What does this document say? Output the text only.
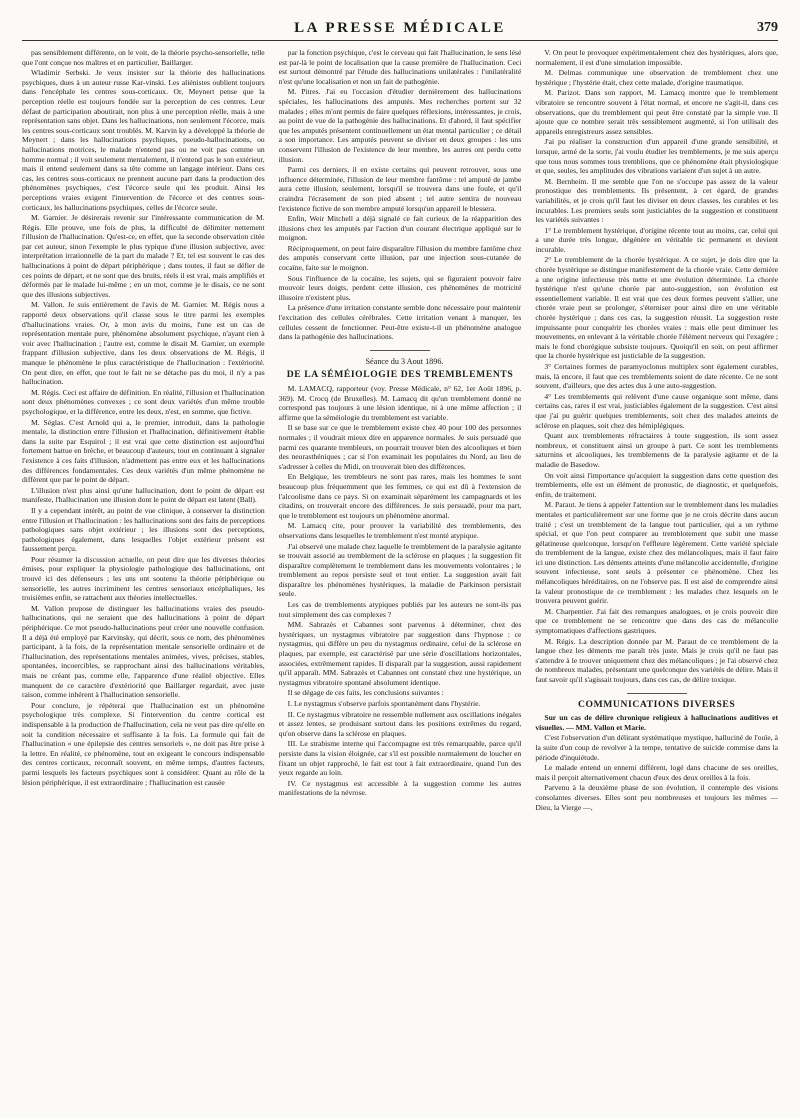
LA PRESSE MÉDICALE	379

pas sensiblement différente, on le voit, de la théorie psycho-sensorielle, telle que l'ont conçue nos maîtres et en particulier, Baillarger.

Wladimir Serbski. Je veux insister sur la théorie des hallucinations psychiques, dues à un auteur russe Kar-vinski. Les aliénistes oublient toujours dans l'encéphale les centres sous-corticaux. Or, Meynert pense que la perception réelle est toujours fondée sur la perception de ces centres. Leur défaut de participation aboutirait, non plus à une perception réelle, mais à une représentation sans objet. Dans les hallucinations, non seulement l'écorce, mais les centres sous-corticaux sont troublés. M. Karvin ky a développé la théorie de Meynert ; dans les hallucinations psychiques, pseudo-hallucinations, ou hallucinations motrices, le malade n'entend pas ou ne voit pas comme un homme normal ; il voit seulement mentalement, il n'entend pas le son extérieur, mais il entend seulement dans sa tête comme un langage intérieur. Dans ces cas, les centres sous-corticaux ne prennent aucune part dans la production des phénomènes psychiques, c'est l'écorce seule qui les produit. Ainsi les perceptions vraies exigent l'intervention de l'écorce et des centres sous-corticaux, les hallucinations psychiques, celles de l'écorce seule.

M. Garnier. Je désirerais revenir sur l'intéressante communication de M. Régis. Elle prouve, une fois de plus, la difficulté de délimiter nettement l'illusion de l'hallucination. Qu'est-ce, en effet, que la seconde observation citée par cet auteur, sinon l'exemple le plus typique d'une illusion subjective, avec interprétation irrationnelle de la part du malade ? Et, tel est souvent le cas des hallucinations à point de départ périphérique ; dans toutes, il faut se défier de ces points de départ, et ne sont que des bruits, réels il est vrai, mais amplifiés et déformés par le malade lui-même ; en un mot, comme je le disais, ce ne sont que des illusions subjectives.

M. Vallon. Je suis entièrement de l'avis de M. Garnier. M. Régis nous a rapporté deux observations qu'il classe sous le titre parmi les exemples d'hallucinations vraies. Or, à mon avis du moins, l'une est un cas de représentation mentale pure, phénomène absolument psychique, n'ayant rien à voir avec l'hallucination ; l'autre est, comme le disait M. Garnier, un exemple frappant d'illusion subjective, dans les deux observations de M. Régis, il manque le phénomène le plus caractéristique de l'hallucination : l'extériorité. On peut dire, en effet, que tout le fait ne se détache pas du moi, il n'y a pas hallucination.

M. Régis. Ceci est affaire de définition. En réalité, l'illusion et l'hallucination sont deux phénomènes convexes ; ce sont deux variétés d'un même trouble psychologique, et la différence, entre les deux, n'est, en somme, que fictive.

M. Séglas. C'est Arnold qui a, le premier, introduit, dans la pathologie mentale, la distinction entre l'illusion et l'hallucination, définitivement établie dans la suite par Esquirol ; il est vrai que cette distinction est aujourd'hui fortement battue en brèche, et beaucoup d'auteurs, tout en continuant à signaler l'existence à ces faits d'illusion, n'admettent pas entre eux et les hallucinations des différences fondamentales. Ces deux variétés d'un même phénomène ne diffèrent que par le point de départ.

L'illusion n'est plus ainsi qu'une hallucination, dont le point de départ est manifeste, l'hallucination une illusion dont le point de départ est latent (Ball).

Il y a cependant intérêt, au point de vue clinique, à conserver la distinction entre l'illusion et l'hallucination : les hallucinations sont des faits de perceptions pathologiques sans objet extérieur ; les illusions sont des perceptions, pathologiques également, dans lesquelles l'objet extérieur présent est faussement perçu.

Pour résumer la discussion actuelle, on peut dire que les diverses théories émises, pour expliquer la physiologie pathologique des hallucinations, ont trouvé ici des défenseurs ; les uns ont soutenu la théorie périphérique ou sensorielle, les autres incriminent les centres sensoriaux encéphaliques, les troisièmes enfin, se rattachent aux théories intellectuelles.

M. Vallon propose de distinguer les hallucinations vraies des pseudo-hallucinations, qui ne seraient que des hallucinations à point de départ périphérique. Ce mot pseudo-hallucinations peut créer une nouvelle confusion. Il a déjà été employé par Karvinsky, qui décrit, sous ce nom, des phénomènes participant, à la fois, de la représentation mentale sensorielle ordinaire et de l'hallucination, des représentations mentales animées, vives, précises, stables, spontanées, incoercibles, se rapprochant ainsi des hallucinations véritables, mais ne créant pas, comme elle, l'apparence d'une réalité objective. Elles manquent de ce caractère d'extériorité que Baillarger regardait, avec juste raison, comme inhérent à l'hallucination sensorielle.

Pour conclure, je répéterai que l'hallucination est un phénomène psychologique très complexe. Si l'intervention du centre cortical est indispensable à la production de l'hallucination, cela ne veut pas dire qu'elle en soit la condition nécessaire et suffisante à la fois. La formule qui fait de l'hallucination « une épilepsie des centres sensoriels », ne doit pas être prise à la lettre. En réalité, ce phénomène, tout en exigeant le concours indispensable des centres corticaux, reconnaît souvent, en même temps, d'autres facteurs, parmi lesquels les facteurs psychiques sont à considérer. Quant au rôle de la lésion périphérique, il est extraordinaire ; l'hallucination est causée

par la fonction psychique, c'est le cerveau qui fait l'hallucination, le sens lésé est par-là le point de localisation que la cause première de l'hallucination. Ceci est surtout démontré par l'étude des hallucinations unilatérales : l'unilatéralité n'est qu'une localisation et non un fait de pathogénie.

M. Pitres. J'ai eu l'occasion d'étudier dernièrement des hallucinations spéciales, les hallucinations des amputés. Mes recherches portent sur 32 malades ; elles m'ont permis de faire quelques réflexions, intéressantes, je crois, au point de vue de la pathogénie des hallucinations. Et d'abord, il faut spécifier que les amputés présentent continuellement un état mental particulier ; ce détail a son importance. Les amputés peuvent se diviser en deux groupes : les uns conservent l'illusion de l'existence de leur membre, les autres ont perdu cette illusion.

Parmi ces derniers, il en existe certains qui peuvent retrouver, sous une influence déterminée, l'illusion de leur membre fantôme : tel amputé de jambe aura cette illusion, seulement, lorsqu'il se trouvera dans une foule, et qu'il craindra l'écrasement de son pied absent ; tel autre sentira de nouveau l'existence fictive de son membre amputé lorsqu'un appareil le blessera.

Enfin, Weir Mitchell a déjà signalé ce fait curieux de la réapparition des illusions chez les amputés par l'action d'un courant électrique appliqué sur le moignon.

Réciproquement, on peut faire disparaître l'illusion du membre fantôme chez des amputés conservant cette illusion, par une injection sous-cutanée de cocaïne, faite sur le moignon.

Sous l'influence de la cocaïne, les sujets, qui se figuraient pouvoir faire mouvoir leurs doigts, perdent cette illusion, ces phénomènes de motricité illusoire n'existent plus.

La présence d'une irritation constante semble donc nécessaire pour maintenir l'excitation des cellules cérébrales. Cette irritation venant à manquer, les cellules cessent de fonctionner. Peut-être existe-t-il un phénomène analogue dans la pathogénie des hallucinations.

Séance du 3 Aout 1896.

DE LA SÉMÉIOLOGIE DES TREMBLEMENTS

M. LAMACQ, rapporteur (voy. Presse Médicale, n° 62, 1er Août 1896, p. 369). M. Crocq (de Bruxelles). M. Lamacq dit qu'un tremblement donné ne correspond pas toujours à une lésion identique, ni à une même affection ; il affirme que la séméiologie du tremblement est variable.

Il se base sur ce que le tremblement existe chez 40 pour 100 des personnes normales ; il voudrait mieux dire en apparence normales. Je suis persuadé que parmi ces quarante trembleurs, on pourrait trouver bien des alcooliques et bien des neurasthéniques ; car si l'on examinait les populaires du Nord, au lieu de s'adresser à celles du Midi, on trouverait bien des différences.

En Belgique, les trembleurs ne sont pas rares, mais les hommes le sont beaucoup plus fréquemment que les femmes, ce qui est dû à l'extension de l'alcoolisme dans ce pays. Si on examinait séparément les campagnards et les citadins, on trouverait encore des différences. Je suis persuadé, pour ma part, que le tremblement est toujours un phénomène anormal.

M. Lamacq cite, pour prouver la variabilité des tremblements, des observations dans lesquelles le tremblement n'est monté atypique.

J'ai observé une malade chez laquelle le tremblement de la paralysie agitante se trouvait associé au tremblement de la sclérose en plaques ; la suggestion fit disparaître complètement le tremblement dans les mouvements volontaires ; le tremblement au repos persiste seul et tout entier. La suggestion avait fait disparaître les phénomènes hystériques, la maladie de Parkinson persistait seule.

Les cas de tremblements atypiques publiés par les auteurs ne sont-ils pas tout simplement des cas complexes ?

MM. Sabrazès et Cabannes sont parvenus à déterminer, chez des hystériques, un nystagmus vibratoire par suggestion dans l'hypnose : ce nystagmus, qui diffère un peu du nystagmus ordinaire, celui de la sclérose en plaques, par exemple, est caractérisé par une série d'oscillations horizontales, associées, extrêmement rapides. Il disparaît par la suggestion, aussi rapidement qu'il apparaît. MM. Sabrazès et Cabannes ont constaté chez une hystérique, un nystagmus vibratoire spontané absolument identique.

Il se dégage de ces faits, les conclusions suivantes :

I. Le nystagmus s'observe parfois spontanément dans l'hystérie.

II. Ce nystagmus vibratoire ne ressemble nullement aux oscillations inégales et assez lentes, se produisant surtout dans les positions extrêmes du regard, qu'on observe dans la sclérose en plaques.

III. Le strabisme interne qui l'accompagne est très remarquable, parce qu'il persiste dans la vision éloignée, car s'il est possible normalement de loucher en fixant un objet rapproché, le fait est tout à fait extraordinaire, quand l'un des yeux regarde au loin.

IV. Ce nystagmus est accessible à la suggestion comme les autres manifestations de la névrose.

V. On peut le provoquer expérimentalement chez des hystériques, alors que, normalement, il est d'une simulation impossible.

M. Delmas communique une observation de tremblement chez une hystérique ; l'hystérie était, chez cette malade, d'origine traumatique.

M. Parizot. Dans son rapport, M. Lamacq montre que le tremblement vibratoire se rencontre souvent à l'état normal, et encore ne s'agit-il, dans ces observations, que du tremblement qui peut être constaté par la simple vue. Il ajoute que ce nombre serait très sensiblement augmenté, si l'on utilisait des appareils enregistreurs assez sensibles.

J'ai pu réaliser la construction d'un appareil d'une grande sensibilité, et lorsque, armé de la sorte, j'ai voulu étudier les tremblements, je me suis aperçu que tous nous sommes tous tremblions, que ce phénomène était physiologique et que, seules, les amplitudes des vibrations variaient d'un sujet à un autre.

M. Bernheim. Il me semble que l'on ne s'occupe pas assez de la valeur pronostique des tremblements. Ils présentent, à cet égard, de grandes variabilités, et je crois qu'il faut les diviser en deux classes, les curables et les incurables. Les premiers seuls sont justiciables de la suggestion et constituent les variétés suivantes :

1° Le tremblement hystérique, d'origine récente tout au moins, car, celui qui a une durée très longue, dégénère en véritable tic permanent et devient incurable.

2° Le tremblement de la chorée hystérique. A ce sujet, je dois dire que la chorée hystérique se distingue manifestement de la chorée vraie. Cette dernière a une origine infectieuse très nette et une évolution déterminée. La chorée hystérique n'est qu'une chorée par auto-suggestion, son évolution est essentiellement variable. Il est vrai que ces deux formes peuvent s'allier, une chorée vraie peut se prolonger, s'éterniser pour ainsi dire en une véritable chorée hystérique ; dans ces cas, la suggestion réussit. La suggestion reste impuissante pour conquérir les chorées vraies : mais elle peut diminuer les mouvements, en enlevant à la véritable chorée l'élément nerveux qui l'exagère ; mais le fond chorégique subsiste toujours. Quoiqu'il en soit, on peut affirmer que la chorée hystérique est justiciable de la suggestion.

3° Certaines formes de paramyoclonus multiplex sont également curables, mais, là encore, il faut que ces tremblements soient de date récente. Ce ne sont souvent, d'ailleurs, que des actes dus à une auto-suggestion.

4° Les tremblements qui relèvent d'une cause organique sont même, dans certains cas, rares il est vrai, justiciables également de la suggestion. C'est ainsi que j'ai pu guérir quelques tremblements, soit chez des malades atteints de sclérose en plaques, soit chez des hémiplégiques.

Quant aux tremblements réfractaires à toute suggestion, ils sont assez nombreux, et constituent ainsi un groupe à part. Ce sont les tremblements saturnins et alcooliques, les tremblements de la paralysie agitante et de la maladie de Basedow.

On voit ainsi l'importance qu'acquiert la suggestion dans cette question des tremblements, elle est un élément de pronostic, de diagnostic, et quelquefois, enfin, de traitement.

M. Paraut. Je tiens à appeler l'attention sur le tremblement dans les maladies mentales et particulièrement sur une forme que je ne crois décrite dans aucun traité ; c'est un tremblement de la langue tout particulier, qui a un rythme spécial, et que l'on peut comparer au tremblotement que subit une masse gélatineuse quelconque, lorsqu'on l'effleure légèrement. Cette variété spéciale du tremblement de la langue, existe chez des mélancoliques, mais il faut faire ici une distinction. Les déments atteints d'une mélancolie accidentelle, d'origine souvent infectieuse, sont seuls à présenter ce phénomène. Chez les mélancoliques héréditaires, on ne l'observe pas. Il est aisé de comprendre ainsi la valeur pronostique de ce tremblement : les malades chez lesquels on le trouvera peuvent guérir.

M. Charpentier. J'ai fait des remarques analogues, et je crois pouvoir dire que ce tremblement ne se rencontre que dans des cas de mélancolie symptomatiques d'affections gastriques.

M. Régis. La description donnée par M. Paraut de ce tremblement de la langue chez les déments me paraît très juste. Mais je crois qu'il ne faut pas s'attendre à le trouver uniquement chez des mélancoliques ; je l'ai observé chez de nombreux malades, présentant une quelconque des variétés de délire. Mais il faut savoir qu'il s'agissait toujours, dans ces cas, de délire toxique.

COMMUNICATIONS DIVERSES

Sur un cas de délire chronique religieux à hallucinations auditives et visuelles. — MM. Vallon et Marie.

C'est l'observation d'un délirant systématique mystique, halluciné de l'ouïe, à la suite d'un coup de revolver à la tempe, tentative de suicide commise dans la période d'inquiétude.

Le malade entend un ennemi différent, logé dans chacune de ses oreilles, mais il perçoit alternativement chacun d'eux des deux oreilles à la fois.

Parvenu à la deuxième phase de son évolution, il contemple des visions consolantes diverses. Elles sont peu nombreuses et toujours les mêmes — Dieu, la Vierge —,
